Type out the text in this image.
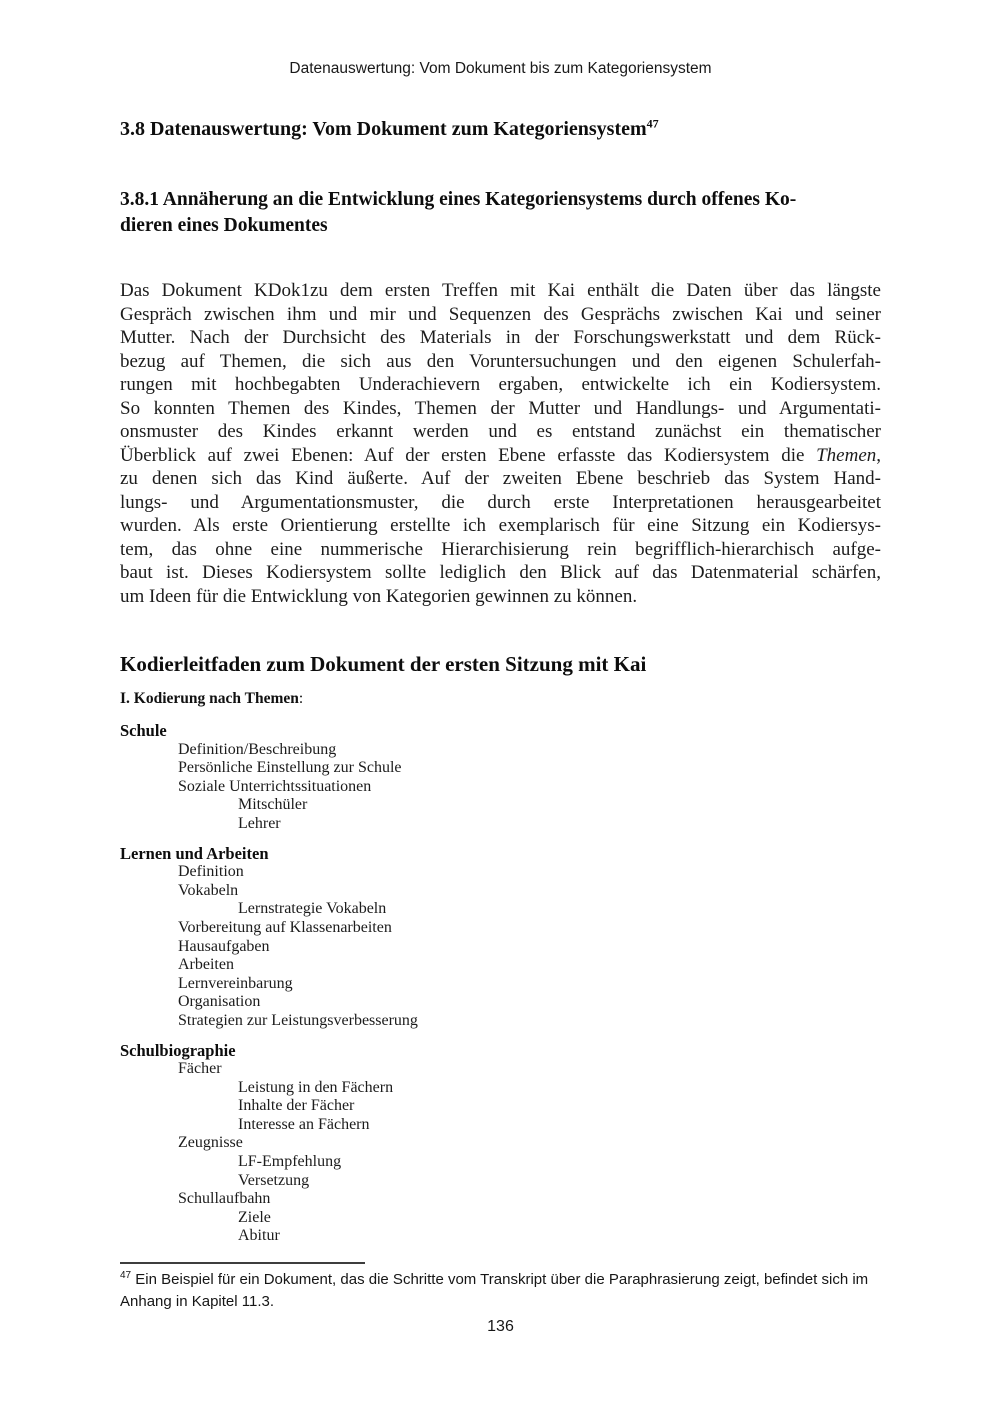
Datenauswertung: Vom Dokument bis zum Kategoriensystem
3.8 Datenauswertung: Vom Dokument zum Kategoriensystem$^{47}$
3.8.1 Annäherung an die Entwicklung eines Kategoriensystems durch offenes Ko-
dieren eines Dokumentes
Das Dokument KDok1zu dem ersten Treffen mit Kai enthält die Daten über das längste
Gespräch zwischen ihm und mir und Sequenzen des Gesprächs zwischen Kai und seiner
Mutter. Nach der Durchsicht des Materials in der Forschungswerkstatt und dem Rück-
bezug auf Themen, die sich aus den Voruntersuchungen und den eigenen Schulerfah-
rungen mit hochbegabten Underachievern ergaben, entwickelte ich ein Kodiersystem.
So konnten Themen des Kindes, Themen der Mutter und Handlungs- und Argumentati-
onsmuster des Kindes erkannt werden und es entstand zunächst ein thematischer
Überblick auf zwei Ebenen: Auf der ersten Ebene erfasste das Kodiersystem die Themen,
zu denen sich das Kind äußerte. Auf der zweiten Ebene beschrieb das System Hand-
lungs- und Argumentationsmuster, die durch erste Interpretationen herausgearbeitet
wurden. Als erste Orientierung erstellte ich exemplarisch für eine Sitzung ein Kodiersys-
tem, das ohne eine nummerische Hierarchisierung rein begrifflich-hierarchisch aufge-
baut ist. Dieses Kodiersystem sollte lediglich den Blick auf das Datenmaterial schärfen,
um Ideen für die Entwicklung von Kategorien gewinnen zu können.
Kodierleitfaden zum Dokument der ersten Sitzung mit Kai
I. Kodierung nach Themen:
Schule
Definition/Beschreibung
Persönliche Einstellung zur Schule
Soziale Unterrichtssituationen
Mitschüler
Lehrer
Lernen und Arbeiten
Definition
Vokabeln
Lernstrategie Vokabeln
Vorbereitung auf Klassenarbeiten
Hausaufgaben
Arbeiten
Lernvereinbarung
Organisation
Strategien zur Leistungsverbesserung
Schulbiographie
Fächer
Leistung in den Fächern
Inhalte der Fächer
Interesse an Fächern
Zeugnisse
LF-Empfehlung
Versetzung
Schullaufbahn
Ziele
Abitur
$^{47}$ Ein Beispiel für ein Dokument, das die Schritte vom Transkript über die Paraphrasierung zeigt, befindet sich im Anhang in Kapitel 11.3.
136
